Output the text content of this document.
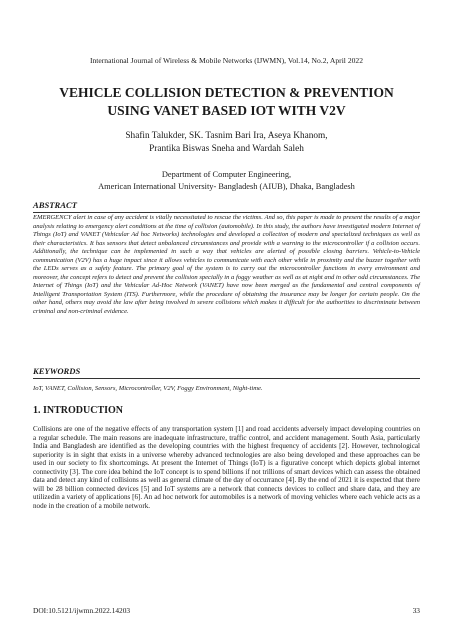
International Journal of Wireless & Mobile Networks (IJWMN), Vol.14, No.2, April 2022
VEHICLE COLLISION DETECTION & PREVENTION
USING VANET BASED IOT WITH V2V
Shafin Talukder, SK. Tasnim Bari Ira, Aseya Khanom,
Prantika Biswas Sneha and Wardah Saleh
Department of Computer Engineering,
American International University- Bangladesh (AIUB), Dhaka, Bangladesh
ABSTRACT
EMERGENCY alert in case of any accident is vitally necessitated to rescue the victims. And so, this paper is made to present the results of a major analysis relating to emergency alert conditions at the time of collision (automobile). In this study, the authors have investigated modern Internet of Things (IoT) and VANET (Vehicular Ad hoc Networks) technologies and developed a collection of modern and specialized techniques as well as their characteristics. It has sensors that detect unbalanced circumstances and provide with a warning to the microcontroller if a collision occurs. Additionally, the technique can be implemented in such a way that vehicles are alerted of possible closing barriers. Vehicle-to-Vehicle communication (V2V) has a huge impact since it allows vehicles to communicate with each other while in proximity and the buzzer together with the LEDs serves as a safety feature. The primary goal of the system is to carry out the microcontroller functions in every environment and moreover, the concept refers to detect and prevent the collision specially in a foggy weather as well as at night and in other odd circumstances. The Internet of Things (IoT) and the Vehicular Ad-Hoc Network (VANET) have now been merged as the fundamental and central components of Intelligent Transportation System (ITS). Furthermore, while the procedure of obtaining the insurance may be longer for certain people. On the other hand, others may avoid the law after being involved in severe collisions which makes it difficult for the authorities to discriminate between criminal and non-criminal evidence.
KEYWORDS
IoT, VANET, Collision, Sensors, Microcontroller, V2V, Foggy Environment, Night-time.
1. INTRODUCTION
Collisions are one of the negative effects of any transportation system [1] and road accidents adversely impact developing countries on a regular schedule. The main reasons are inadequate infrastructure, traffic control, and accident management. South Asia, particularly India and Bangladesh are identified as the developing countries with the highest frequency of accidents [2]. However, technological superiority is in sight that exists in a universe whereby advanced technologies are also being developed and these approaches can be used in our society to fix shortcomings. At present the Internet of Things (IoT) is a figurative concept which depicts global internet connectivity [3]. The core idea behind the IoT concept is to spend billions if not trillions of smart devices which can assess the obtained data and detect any kind of collisions as well as general climate of the day of occurrance [4]. By the end of 2021 it is expected that there will be 28 billion connected devices [5] and IoT systems are a network that connects devices to collect and share data, and they are utilizedin a variety of applications [6]. An ad hoc network for automobiles is a network of moving vehicles where each vehicle acts as a node in the creation of a mobile network.
DOI:10.5121/ijwmn.2022.14203	33
